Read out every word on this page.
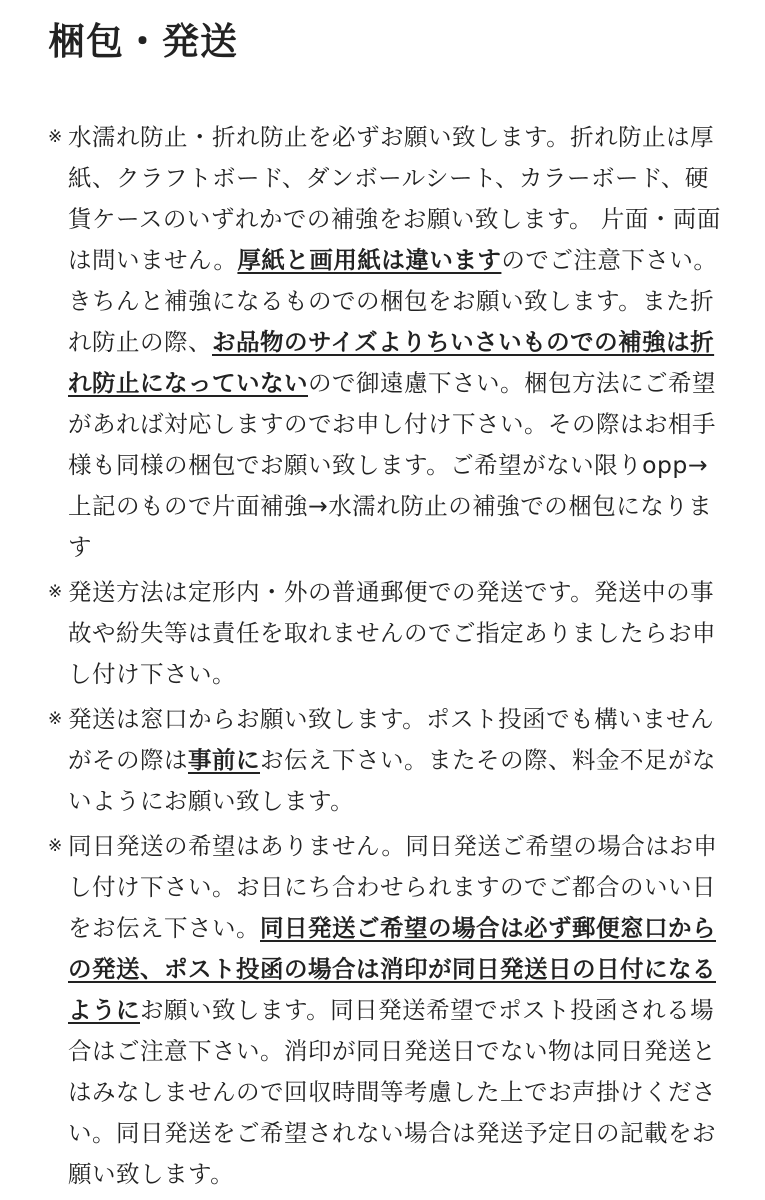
梱包・発送
※ 水濡れ防止・折れ防止を必ずお願い致します。折れ防止は厚紙、クラフトボード、ダンボールシート、カラーボード、硬貨ケースのいずれかでの補強をお願い致します。 片面・両面は問いません。厚紙と画用紙は違いますのでご注意下さい。きちんと補強になるものでの梱包をお願い致します。また折れ防止の際、お品物のサイズよりちいさいものでの補強は折れ防止になっていないので御遠慮下さい。梱包方法にご希望があれば対応しますのでお申し付け下さい。その際はお相手様も同様の梱包でお願い致します。ご希望がない限りopp→上記のもので片面補強→水濡れ防止の補強での梱包になります

※ 発送方法は定形内・外の普通郵便での発送です。発送中の事故や紛失等は責任を取れませんのでご指定ありましたらお申し付け下さい。

※ 発送は窓口からお願い致します。ポスト投函でも構いませんがその際は事前にお伝え下さい。またその際、料金不足がないようにお願い致します。

※ 同日発送の希望はありません。同日発送ご希望の場合はお申し付け下さい。お日にち合わせられますのでご都合のいい日をお伝え下さい。同日発送ご希望の場合は必ず郵便窓口からの発送、ポスト投函の場合は消印が同日発送日の日付になるようにお願い致します。同日発送希望でポスト投函される場合はご注意下さい。消印が同日発送日でない物は同日発送とはみなしませんので回収時間等考慮した上でお声掛けください。同日発送をご希望されない場合は発送予定日の記載をお願い致します。
